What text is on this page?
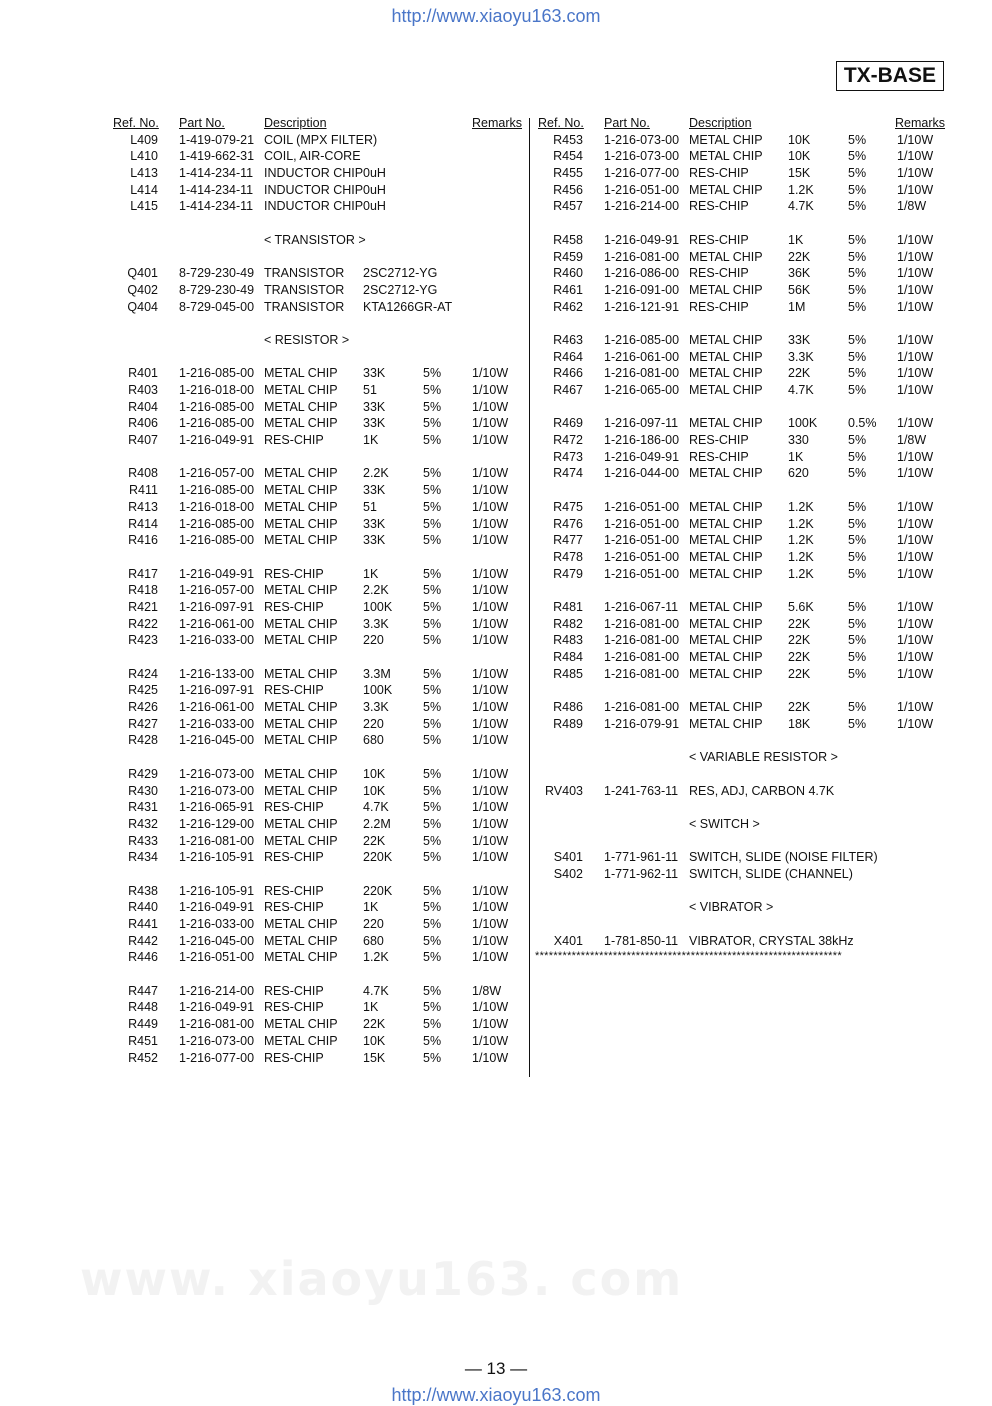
http://www.xiaoyu163.com
www. xiaoyu163. com
TX-BASE
Ref. No. Part No.	Description	Remarks
L409 1-419-079-21 COIL (MPX FILTER)
L410 1-419-662-31 COIL, AIR-CORE
L413 1-414-234-11 INDUCTOR CHIP 0uH
L414 1-414-234-11 INDUCTOR CHIP 0uH
L415 1-414-234-11 INDUCTOR CHIP 0uH
< TRANSISTOR >
Q401 8-729-230-49 TRANSISTOR 2SC2712-YG
Q402 8-729-230-49 TRANSISTOR 2SC2712-YG
Q404 8-729-045-00 TRANSISTOR KTA1266GR-AT
< RESISTOR >
R401 1-216-085-00 METAL CHIP 33K	5% 1/10W
R403 1-216-018-00 METAL CHIP 51	5% 1/10W
R404 1-216-085-00 METAL CHIP 33K	5% 1/10W
R406 1-216-085-00 METAL CHIP 33K	5% 1/10W
R407 1-216-049-91 RES-CHIP	1K	5% 1/10W
R408 1-216-057-00 METAL CHIP 2.2K	5% 1/10W
R411 1-216-085-00 METAL CHIP 33K	5% 1/10W
R413 1-216-018-00 METAL CHIP 51	5% 1/10W
R414 1-216-085-00 METAL CHIP 33K	5% 1/10W
R416 1-216-085-00 METAL CHIP 33K	5% 1/10W
R417 1-216-049-91 RES-CHIP	1K	5% 1/10W
R418 1-216-057-00 METAL CHIP 2.2K	5% 1/10W
R421 1-216-097-91 RES-CHIP	100K 5% 1/10W
R422 1-216-061-00 METAL CHIP 3.3K	5% 1/10W
R423 1-216-033-00 METAL CHIP 220	5% 1/10W
R424 1-216-133-00 METAL CHIP 3.3M	5% 1/10W
R425 1-216-097-91 RES-CHIP	100K 5% 1/10W
R426 1-216-061-00 METAL CHIP 3.3K	5% 1/10W
R427 1-216-033-00 METAL CHIP 220	5% 1/10W
R428 1-216-045-00 METAL CHIP 680	5% 1/10W
R429 1-216-073-00 METAL CHIP 10K	5% 1/10W
R430 1-216-073-00 METAL CHIP 10K	5% 1/10W
R431 1-216-065-91 RES-CHIP	4.7K	5% 1/10W
R432 1-216-129-00 METAL CHIP 2.2M	5% 1/10W
R433 1-216-081-00 METAL CHIP 22K	5% 1/10W
R434 1-216-105-91 RES-CHIP	220K 5% 1/10W
R438 1-216-105-91 RES-CHIP	220K 5% 1/10W
R440 1-216-049-91 RES-CHIP	1K	5% 1/10W
R441 1-216-033-00 METAL CHIP 220	5% 1/10W
R442 1-216-045-00 METAL CHIP 680	5% 1/10W
R446 1-216-051-00 METAL CHIP 1.2K	5% 1/10W
R447 1-216-214-00 RES-CHIP	4.7K	5% 1/8W
R448 1-216-049-91 RES-CHIP	1K	5% 1/10W
R449 1-216-081-00 METAL CHIP 22K	5% 1/10W
R451 1-216-073-00 METAL CHIP 10K	5% 1/10W
R452 1-216-077-00 RES-CHIP	15K	5% 1/10W
Ref. No. Part No.	Description	Remarks
R453 1-216-073-00 METAL CHIP 10K	5% 1/10W
R454 1-216-073-00 METAL CHIP 10K	5% 1/10W
R455 1-216-077-00 RES-CHIP	15K	5% 1/10W
R456 1-216-051-00 METAL CHIP 1.2K	5% 1/10W
R457 1-216-214-00 RES-CHIP	4.7K	5% 1/8W
R458 1-216-049-91 RES-CHIP	1K	5% 1/10W
R459 1-216-081-00 METAL CHIP 22K	5% 1/10W
R460 1-216-086-00 RES-CHIP	36K	5% 1/10W
R461 1-216-091-00 METAL CHIP 56K	5% 1/10W
R462 1-216-121-91 RES-CHIP	1M	5% 1/10W
R463 1-216-085-00 METAL CHIP 33K	5% 1/10W
R464 1-216-061-00 METAL CHIP 3.3K	5% 1/10W
R466 1-216-081-00 METAL CHIP 22K	5% 1/10W
R467 1-216-065-00 METAL CHIP 4.7K	5% 1/10W
R469 1-216-097-11 METAL CHIP 100K 0.5% 1/10W
R472 1-216-186-00 RES-CHIP	330	5% 1/8W
R473 1-216-049-91 RES-CHIP	1K	5% 1/10W
R474 1-216-044-00 METAL CHIP 620	5% 1/10W
R475 1-216-051-00 METAL CHIP 1.2K	5% 1/10W
R476 1-216-051-00 METAL CHIP 1.2K	5% 1/10W
R477 1-216-051-00 METAL CHIP 1.2K	5% 1/10W
R478 1-216-051-00 METAL CHIP 1.2K	5% 1/10W
R479 1-216-051-00 METAL CHIP 1.2K	5% 1/10W
R481 1-216-067-11 METAL CHIP 5.6K	5% 1/10W
R482 1-216-081-00 METAL CHIP 22K	5% 1/10W
R483 1-216-081-00 METAL CHIP 22K	5% 1/10W
R484 1-216-081-00 METAL CHIP 22K	5% 1/10W
R485 1-216-081-00 METAL CHIP 22K	5% 1/10W
R486 1-216-081-00 METAL CHIP 22K	5% 1/10W
R489 1-216-079-91 METAL CHIP 18K	5% 1/10W
< VARIABLE RESISTOR >
RV403 1-241-763-11 RES, ADJ, CARBON 4.7K
< SWITCH >
S401 1-771-961-11 SWITCH, SLIDE (NOISE FILTER)
S402 1-771-962-11 SWITCH, SLIDE (CHANNEL)
< VIBRATOR >
X401 1-781-850-11 VIBRATOR, CRYSTAL 38kHz
*******************************************************************
— 13 —
http://www.xiaoyu163.com
